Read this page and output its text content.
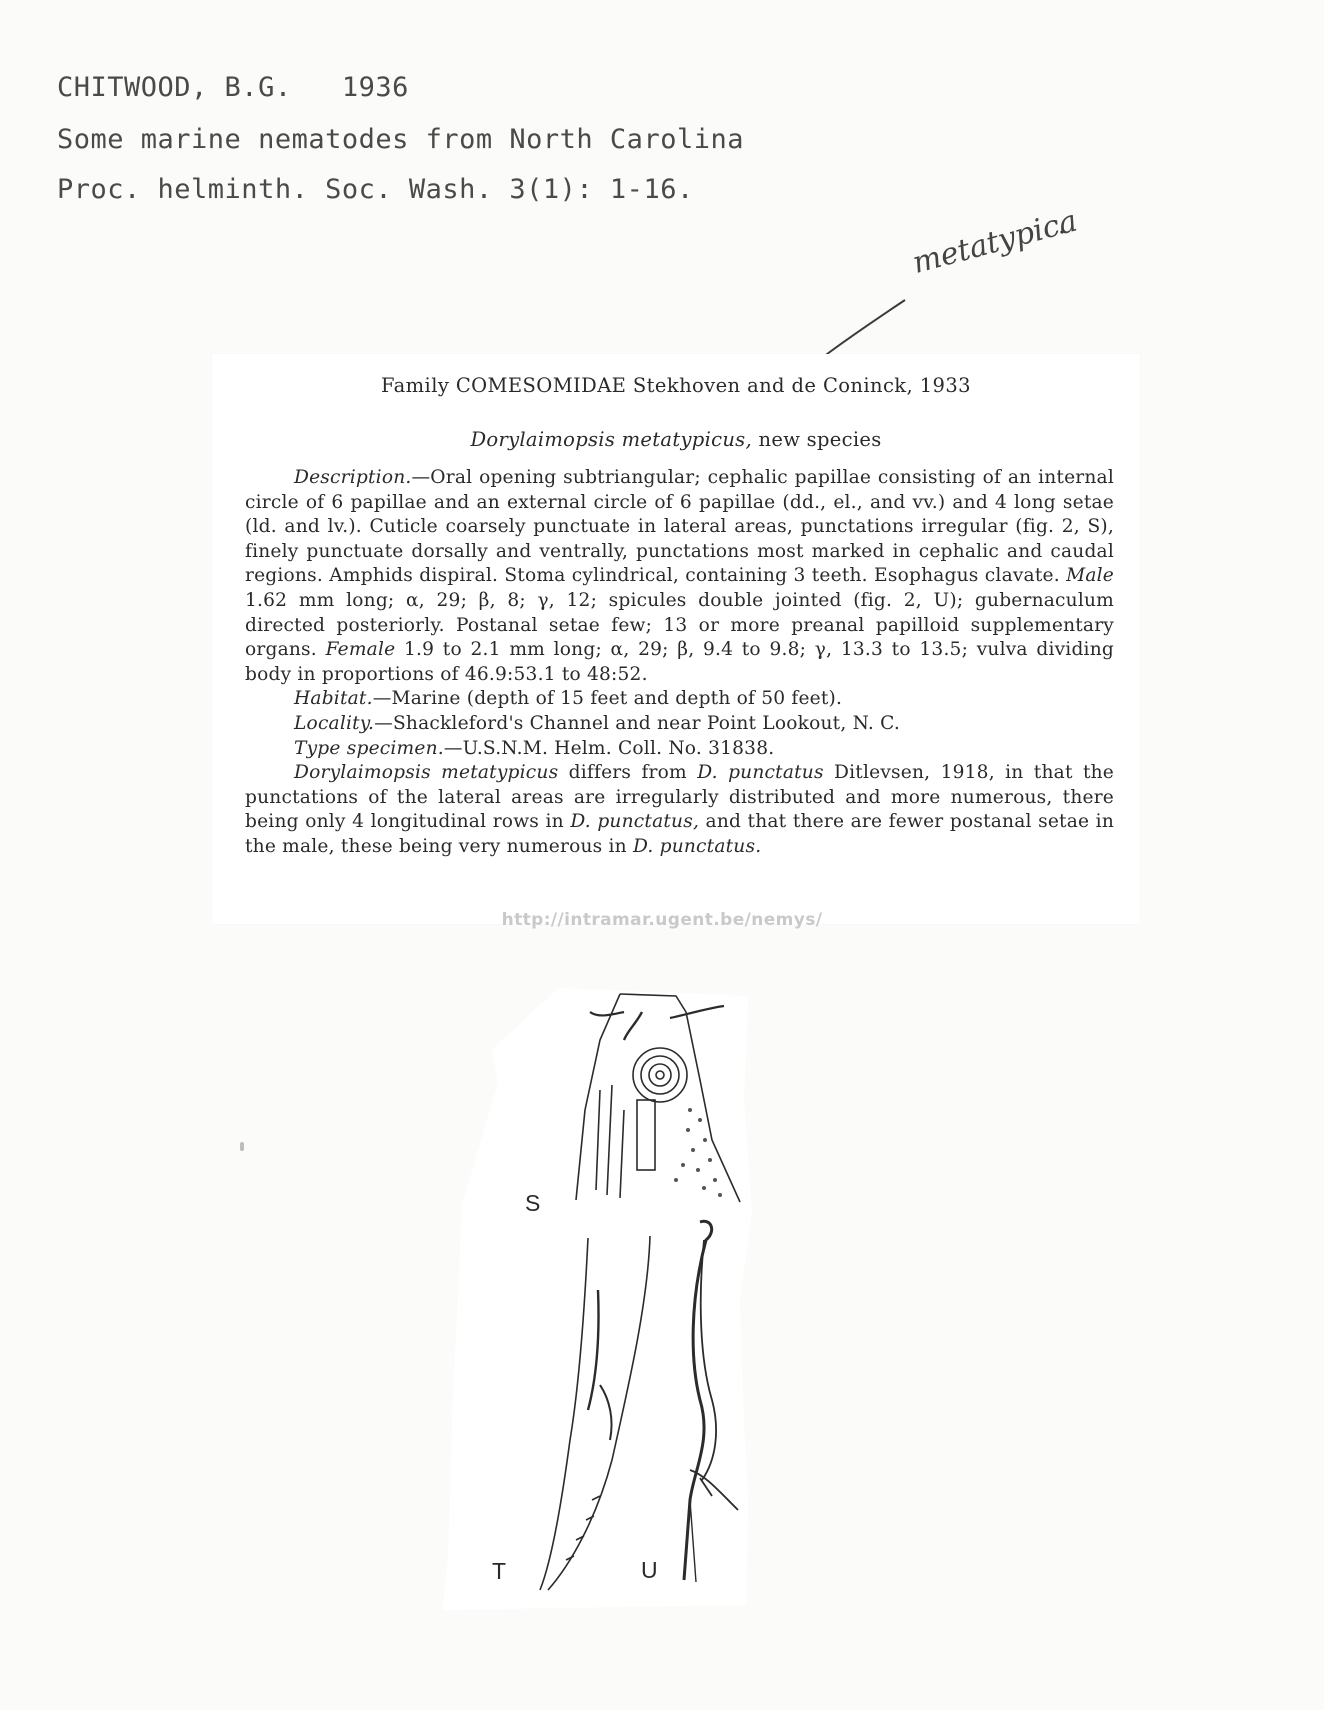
CHITWOOD, B.G.   1936
Some marine nematodes from North Carolina
Proc. helminth. Soc. Wash. 3(1): 1-16.
metatypica
Family COMESOMIDAE Stekhoven and de Coninck, 1933
Dorylaimopsis metatypicus, new species

Description.—Oral opening subtriangular; cephalic papillae consisting of an internal circle of 6 papillae and an external circle of 6 papillae (dd., el., and vv.) and 4 long setae (ld. and lv.). Cuticle coarsely punctuate in lateral areas, punctations irregular (fig. 2, S), finely punctuate dorsally and ventrally, punctations most marked in cephalic and caudal regions. Amphids dispiral. Stoma cylindrical, containing 3 teeth. Esophagus clavate. Male 1.62 mm long; α, 29; β, 8; γ, 12; spicules double jointed (fig. 2, U); gubernaculum directed posteriorly. Postanal setae few; 13 or more preanal papilloid supplementary organs. Female 1.9 to 2.1 mm long; α, 29; β, 9.4 to 9.8; γ, 13.3 to 13.5; vulva dividing body in proportions of 46.9:53.1 to 48:52.

Habitat.—Marine (depth of 15 feet and depth of 50 feet).

Locality.—Shackleford's Channel and near Point Lookout, N. C.

Type specimen.—U.S.N.M. Helm. Coll. No. 31838.

Dorylaimopsis metatypicus differs from D. punctatus Ditlevsen, 1918, in that the punctations of the lateral areas are irregularly distributed and more numerous, there being only 4 longitudinal rows in D. punctatus, and that there are fewer postanal setae in the male, these being very numerous in D. punctatus.

http://intramar.ugent.be/nemys/
S
T	U
